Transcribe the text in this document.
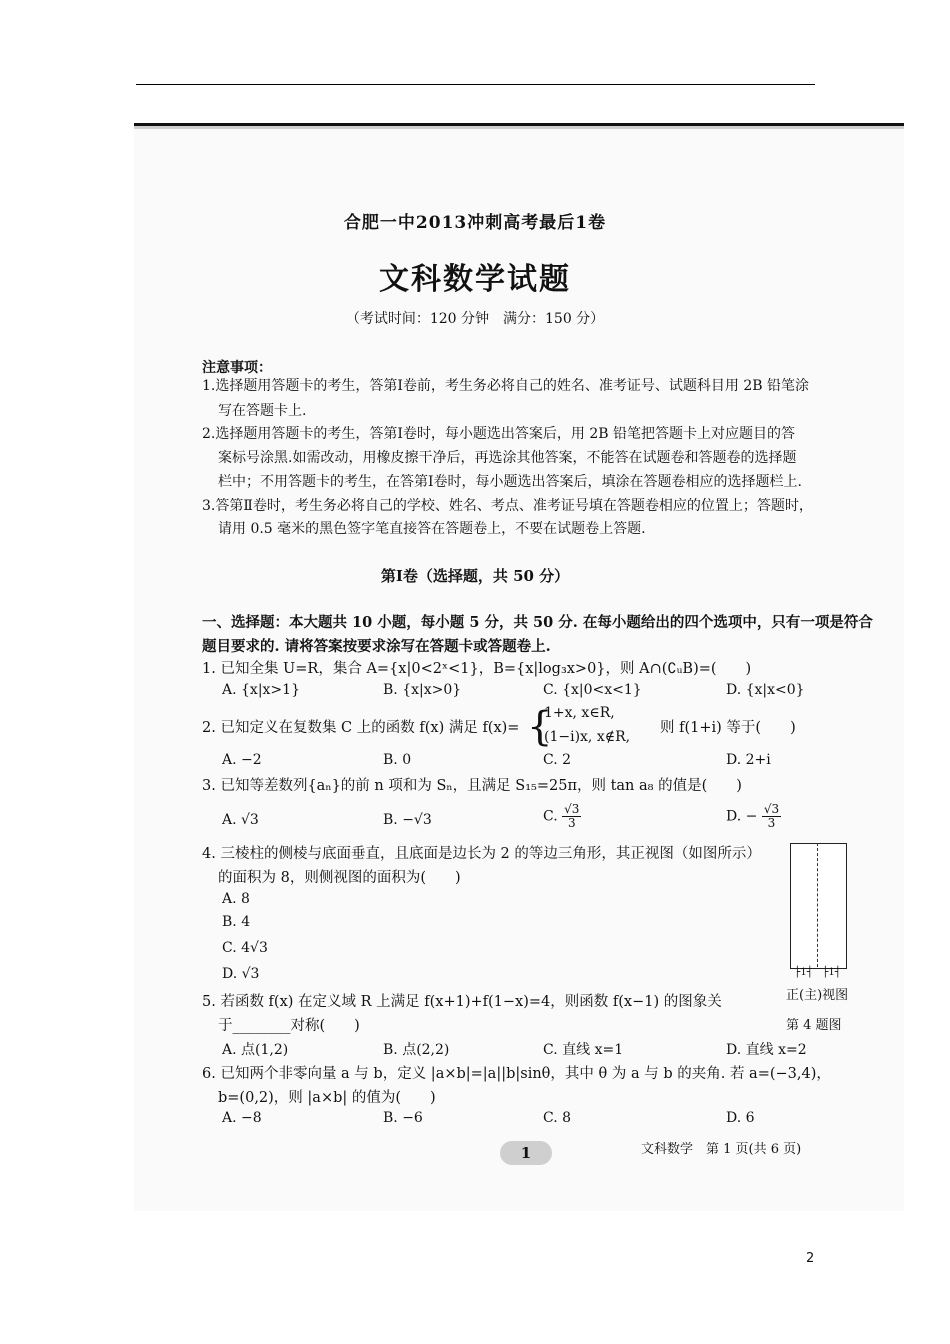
合肥一中2013冲刺高考最后1卷
文科数学试题
（考试时间：120 分钟　满分：150 分）
注意事项：
1.选择题用答题卡的考生，答第Ⅰ卷前，考生务必将自己的姓名、准考证号、试题科目用 2B 铅笔涂
写在答题卡上.
2.选择题用答题卡的考生，答第Ⅰ卷时，每小题选出答案后，用 2B 铅笔把答题卡上对应题目的答
案标号涂黑.如需改动，用橡皮擦干净后，再选涂其他答案，不能答在试题卷和答题卷的选择题
栏中；不用答题卡的考生，在答第Ⅰ卷时，每小题选出答案后，填涂在答题卷相应的选择题栏上.
3.答第Ⅱ卷时，考生务必将自己的学校、姓名、考点、准考证号填在答题卷相应的位置上；答题时，
请用 0.5 毫米的黑色签字笔直接答在答题卷上，不要在试题卷上答题.
第Ⅰ卷（选择题，共 50 分）
一、选择题：本大题共 10 小题，每小题 5 分，共 50 分. 在每小题给出的四个选项中，只有一项是符合
题目要求的. 请将答案按要求涂写在答题卡或答题卷上.
1. 已知全集 U=R，集合 A={x|0<2ˣ<1}，B={x|log₃x>0}，则 A∩(∁ᵤB)=(　　)
A. {x|x>1}	B. {x|x>0}	C. {x|0<x<1}	D. {x|x<0}
2. 已知定义在复数集 C 上的函数 f(x) 满足 f(x)= {
1+x, x∈R,
(1−i)x, x∉R,
则 f(1+i) 等于(　　)
A. −2	B. 0	C. 2	D. 2+i
3. 已知等差数列{aₙ}的前 n 项和为 Sₙ，且满足 S₁₅=25π，则 tan a₈ 的值是(　　)
A. √3	B. −√3	C. $\frac{√3}{3}$	D. − $\frac{√3}{3}$
4. 三棱柱的侧棱与底面垂直，且底面是边长为 2 的等边三角形，其正视图（如图所示）
的面积为 8，则侧视图的面积为(　　)
A. 8
B. 4
C. 4√3
D. √3	├1┤ ├1┤
正(主)视图
第 4 题图
5. 若函数 f(x) 在定义域 R 上满足 f(x+1)+f(1−x)=4，则函数 f(x−1) 的图象关
于________对称(　　)
A. 点(1,2)	B. 点(2,2)	C. 直线 x=1	D. 直线 x=2
6. 已知两个非零向量 a 与 b，定义 |a×b|=|a||b|sinθ，其中 θ 为 a 与 b 的夹角. 若 a=(−3,4)，
b=(0,2)，则 |a×b| 的值为(　　)
A. −8	B. −6	C. 8	D. 6
1	文科数学　第 1 页(共 6 页)
2
